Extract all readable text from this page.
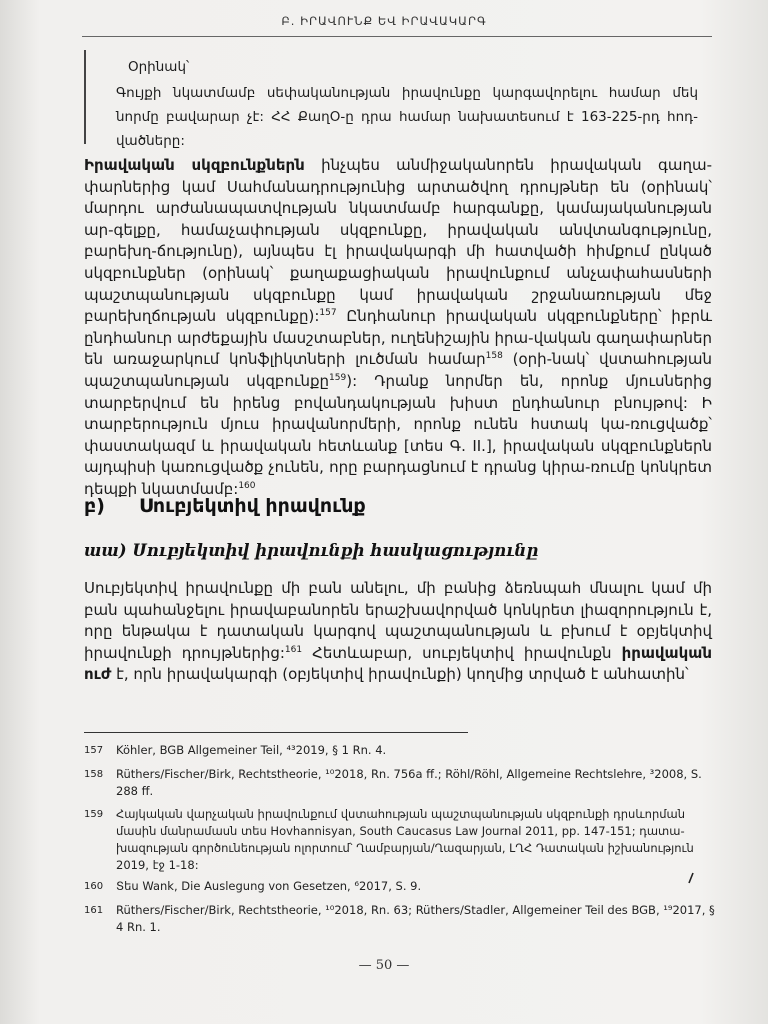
Բ. ԻՐԱՎՈՒՆՔ ԵՎ ԻՐԱՎԱԿԱՐԳ
Օրինակ՝
Գույքի նկատմամբ սեփականության իրավունքը կարգավորելու համար մեկ նորմը բավարար չէ: ՀՀ ՔաղՕ-ը դրա համար նախատեսում է 163-225-րդ հոդ-վածները:
Իրավական սկզբունքներն ինչպես անմիջականորեն իրավական գաղա-փարներից կամ Սահմանադրությունից արտածվող դրույթներ են (օրինակ՝ մարդու արժանապատվության նկատմամբ հարգանքը, կամայականության ար-գելքը, համաչափության սկզբունքը, իրավական անվտանգությունը, բարեխղ-ճությունը), այնպես էլ իրավակարգի մի հատվածի հիմքում ընկած սկզբունքներ (օրինակ՝ քաղաքացիական իրավունքում անչափահասների պաշտպանության սկզբունքը կամ իրավական շրջանառության մեջ բարեխղճության սկզբունքը):$^{157}$ Ընդհանուր իրավական սկզբունքները՝ իբրև ընդհանուր արժեքային մասշտաբներ, ուղենիշային իրա-վական գաղափարներ են առաջարկում կոնֆլիկտների լուծման համար$^{158}$ (օրի-նակ՝ վստահության պաշտպանության սկզբունքը$^{159}$): Դրանք նորմեր են, որոնք մյուսներից տարբերվում են իրենց բովանդակության խիստ ընդհանուր բնույթով: Ի տարբերություն մյուս իրավանորմերի, որոնք ունեն հստակ կա-ռուցվածք՝ փաստակազմ և իրավական հետևանք [տես Գ. II.], իրավական սկզբունքներն այդպիսի կառուցվածք չունեն, որը բարդացնում է դրանց կիրա-ռումը կոնկրետ դեպքի նկատմամբ:$^{160}$
բ) Սուբյեկտիվ իրավունք
աա) Սուբյեկտիվ իրավունքի հասկացությունը
Սուբյեկտիվ իրավունքը մի բան անելու, մի բանից ձեռնպահ մնալու կամ մի բան պահանջելու իրավաբանորեն երաշխավորված կոնկրետ լիազորություն է, որը ենթակա է դատական կարգով պաշտպանության և բխում է օբյեկտիվ իրավունքի դրույթներից:$^{161}$ Հետևաբար, սուբյեկտիվ իրավունքն իրավական ուժ է, որն իրավակարգի (օբյեկտիվ իրավունքի) կողմից տրված է անհատին՝
157	Köhler, BGB Allgemeiner Teil, ⁴³2019, § 1 Rn. 4.
158	Rüthers/Fischer/Birk, Rechtstheorie, ¹⁰2018, Rn. 756a ff.; Röhl/Röhl, Allgemeine Rechtslehre, ³2008, S. 288 ff.
159	Հայկական վարչական իրավունքում վստահության պաշտպանության սկզբունքի դրսևորման մասին մանրամասն տես Hovhannisyan, South Caucasus Law Journal 2011, pp. 147-151; դատա-խազության գործունեության ոլորտում՝ Ղամբարյան/Ղազարյան, ԼՂՀ Դատական իշխանություն 2019, էջ 1-18:
160	Տես Wank, Die Auslegung von Gesetzen, ⁶2017, S. 9.
161	Rüthers/Fischer/Birk, Rechtstheorie, ¹⁰2018, Rn. 63; Rüthers/Stadler, Allgemeiner Teil des BGB, ¹⁹2017, § 4 Rn. 1.
— 50 —
